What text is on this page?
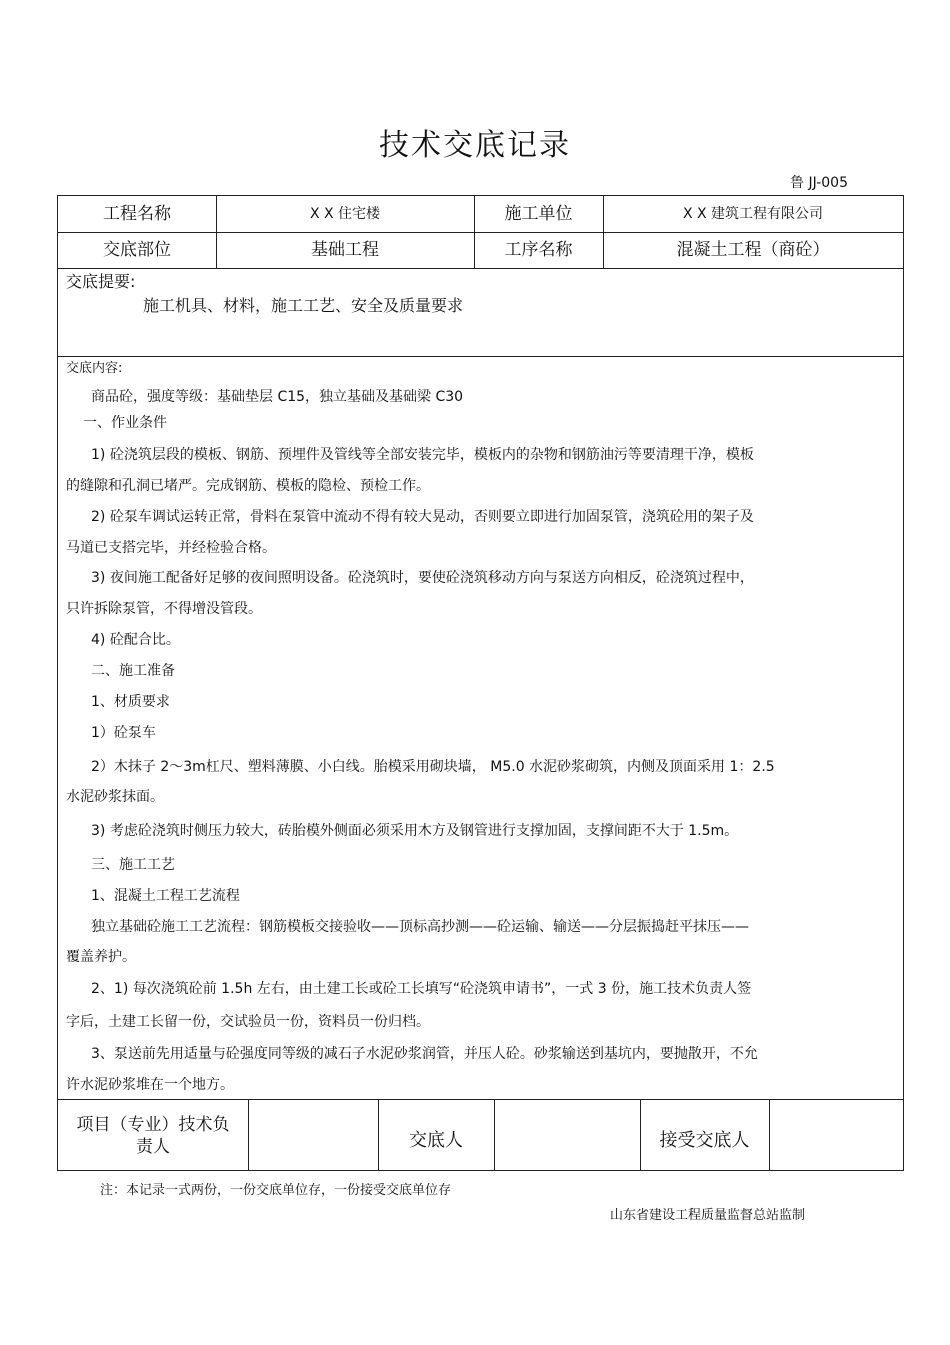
技术交底记录
鲁 JJ-005
工程名称	X X 住宅楼	施工单位	X X 建筑工程有限公司
交底部位	基础工程	工序名称	混凝土工程（商砼）
交底提要:
施工机具、材料，施工工艺、安全及质量要求
交底内容:
商品砼，强度等级：基础垫层 C15，独立基础及基础梁 C30
一、作业条件
1) 砼浇筑层段的模板、钢筋、预埋件及管线等全部安装完毕，模板内的杂物和钢筋油污等要清理干净，模板
的缝隙和孔洞已堵严。完成钢筋、模板的隐检、预检工作。
2) 砼泵车调试运转正常，骨料在泵管中流动不得有较大晃动，否则要立即进行加固泵管，浇筑砼用的架子及
马道已支搭完毕，并经检验合格。
3) 夜间施工配备好足够的夜间照明设备。砼浇筑时，要使砼浇筑移动方向与泵送方向相反，砼浇筑过程中，
只许拆除泵管，不得增没管段。
4) 砼配合比。
二、施工准备
1、材质要求
1）砼泵车
2）木抹子 2～3m杠尺、塑料薄膜、小白线。胎模采用砌块墙， M5.0 水泥砂浆砌筑，内侧及顶面采用 1：2.5
水泥砂浆抹面。
3) 考虑砼浇筑时侧压力较大，砖胎模外侧面必须采用木方及钢管进行支撑加固，支撑间距不大于 1.5m。
三、施工工艺
1、混凝土工程工艺流程
独立基础砼施工工艺流程：钢筋模板交接验收——顶标高抄测——砼运输、输送——分层振捣赶平抹压——
覆盖养护。
2、1) 每次浇筑砼前 1.5h 左右，由土建工长或砼工长填写“砼浇筑申请书”，一式 3 份，施工技术负责人签
字后，土建工长留一份，交试验员一份，资料员一份归档。
3、泵送前先用适量与砼强度同等级的减石子水泥砂浆润管，并压人砼。砂浆输送到基坑内，要抛散开，不允
许水泥砂浆堆在一个地方。
项目（专业）技术负
责人	交底人	接受交底人
注：本记录一式两份，一份交底单位存，一份接受交底单位存
山东省建设工程质量监督总站监制
